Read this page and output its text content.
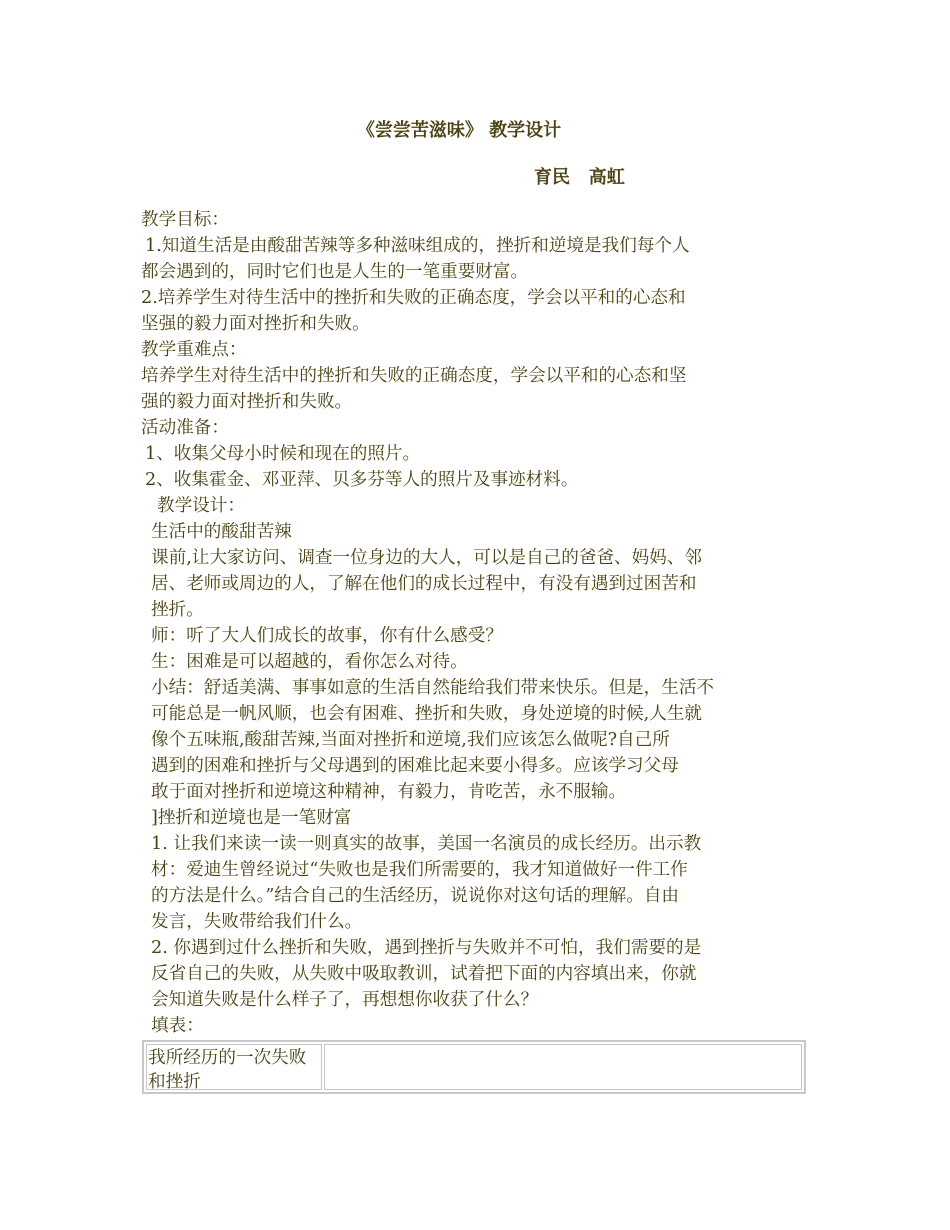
《尝尝苦滋味》 教学设计
育民   高虹

教学目标：

1.知道生活是由酸甜苦辣等多种滋味组成的，挫折和逆境是我们每个人

都会遇到的，同时它们也是人生的一笔重要财富。

2.培养学生对待生活中的挫折和失败的正确态度，学会以平和的心态和

坚强的毅力面对挫折和失败。

教学重难点：

培养学生对待生活中的挫折和失败的正确态度，学会以平和的心态和坚

强的毅力面对挫折和失败。

活动准备：

1、收集父母小时候和现在的照片。

2、收集霍金、邓亚萍、贝多芬等人的照片及事迹材料。

教学设计：

生活中的酸甜苦辣

课前,让大家访问、调查一位身边的大人，可以是自己的爸爸、妈妈、邻

居、老师或周边的人，了解在他们的成长过程中，有没有遇到过困苦和

挫折。

师：听了大人们成长的故事，你有什么感受？

生：困难是可以超越的，看你怎么对待。

小结：舒适美满、事事如意的生活自然能给我们带来快乐。但是，生活不

可能总是一帆风顺，也会有困难、挫折和失败，身处逆境的时候,人生就

像个五味瓶,酸甜苦辣,当面对挫折和逆境,我们应该怎么做呢?自己所

遇到的困难和挫折与父母遇到的困难比起来要小得多。应该学习父母

敢于面对挫折和逆境这种精神，有毅力，肯吃苦，永不服输。

]挫折和逆境也是一笔财富

1. 让我们来读一读一则真实的故事，美国一名演员的成长经历。出示教

材：爱迪生曾经说过“失败也是我们所需要的，我才知道做好一件工作

的方法是什么。”结合自己的生活经历，说说你对这句话的理解。自由

发言，失败带给我们什么。

2. 你遇到过什么挫折和失败，遇到挫折与失败并不可怕，我们需要的是

反省自己的失败，从失败中吸取教训，试着把下面的内容填出来，你就

会知道失败是什么样子了，再想想你收获了什么？

填表：

我所经历的一次失败和挫折
